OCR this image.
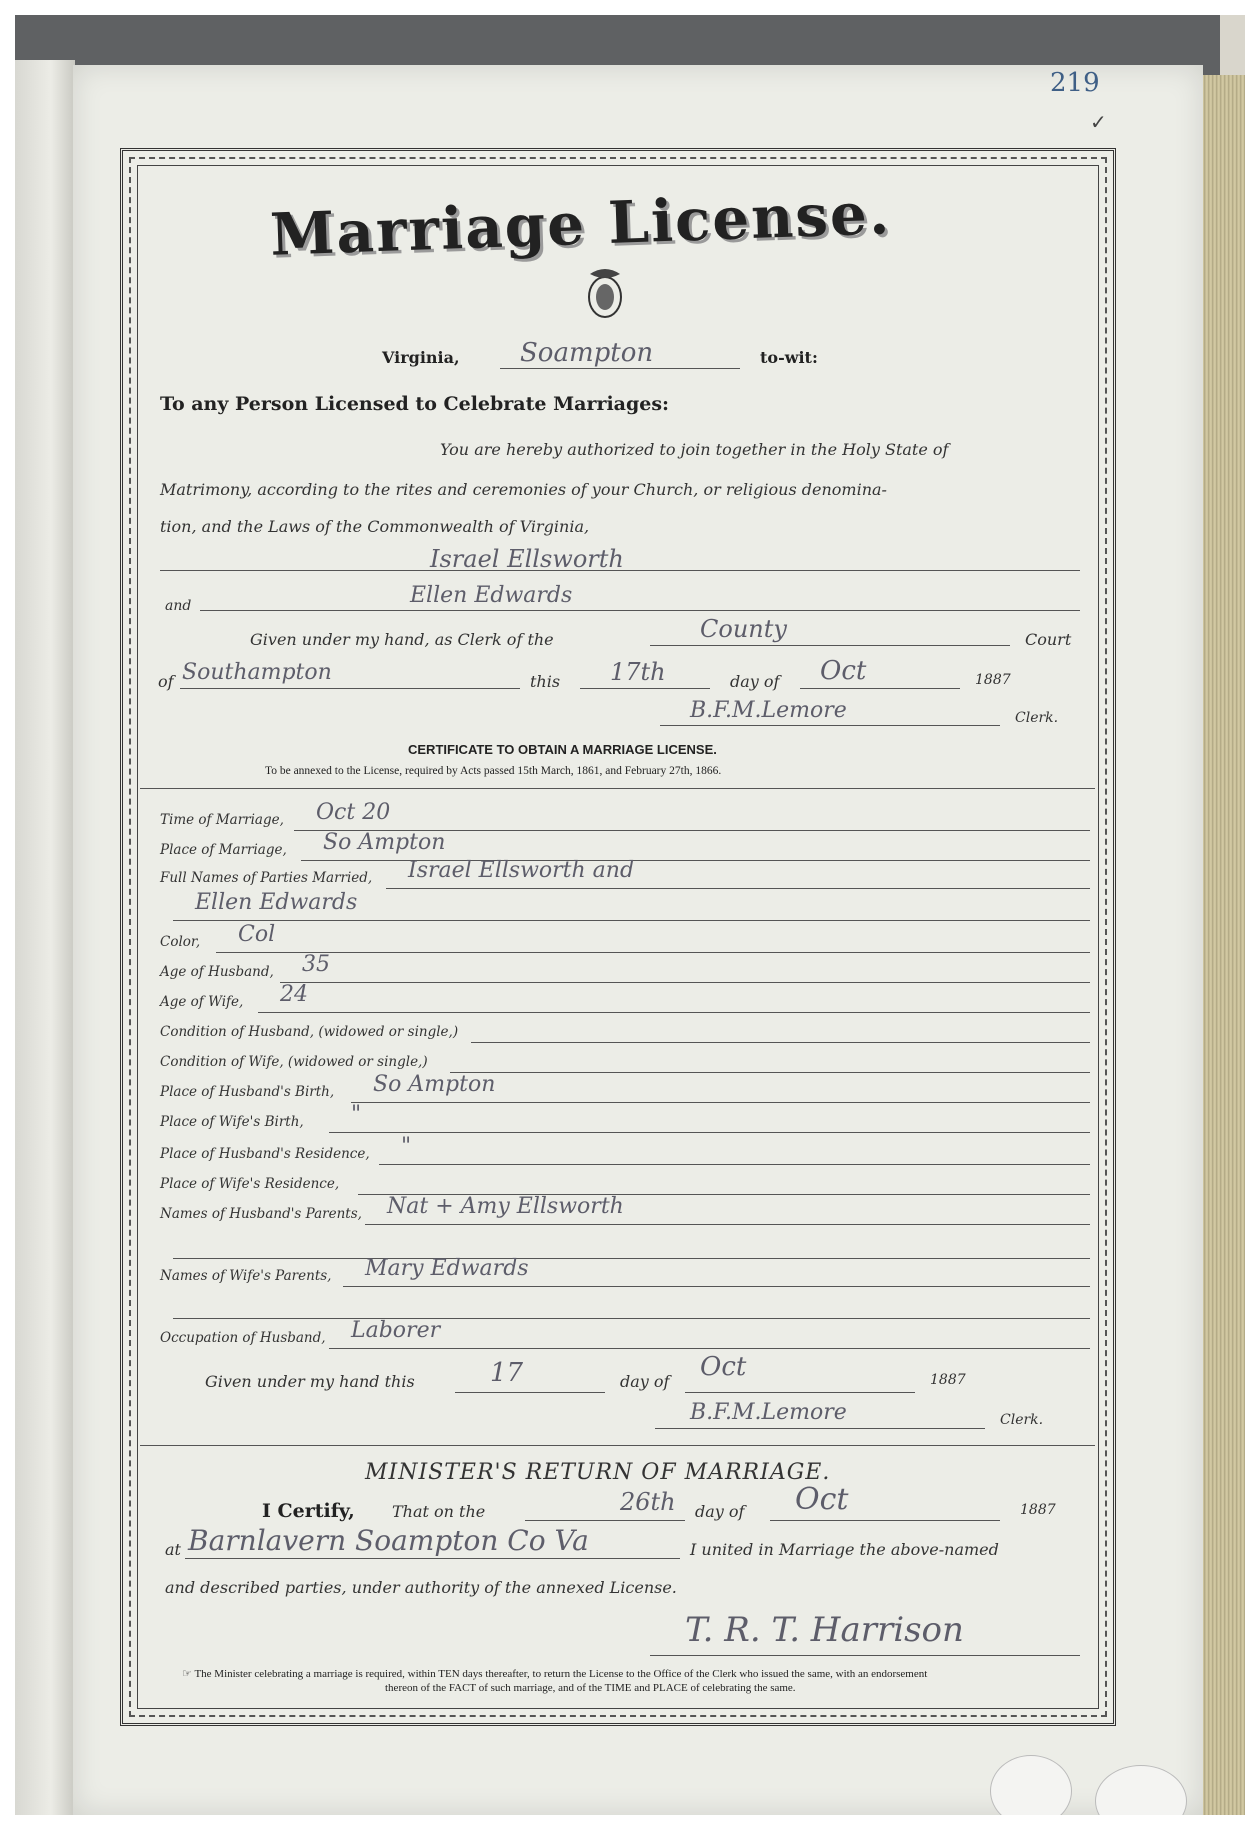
219
✓
Marriage License.
Virginia, Soampton	to-wit:
To any Person Licensed to Celebrate Marriages:
You are hereby authorized to join together in the Holy State of
Matrimony, according to the rites and ceremonies of your Church, or religious denomina-
tion, and the Laws of the Commonwealth of Virginia,
Israel Ellsworth
and	Ellen Edwards
Given under my hand, as Clerk of the	County	Court
of Southampton	this 17th	day of Oct	1887
B.F.M.Lemore	Clerk.
CERTIFICATE TO OBTAIN A MARRIAGE LICENSE.
To be annexed to the License, required by Acts passed 15th March, 1861, and February 27th, 1866.
Time of Marriage, Oct 20
Place of Marriage, So Ampton
Full Names of Parties Married, Israel Ellsworth and
Ellen Edwards
Color, Col
Age of Husband, 35
Age of Wife, 24
Condition of Husband, (widowed or single,)
Condition of Wife, (widowed or single,)
Place of Husband's Birth, So Ampton
Place of Wife's Birth, "
Place of Husband's Residence, "
Place of Wife's Residence,
Names of Husband's Parents, Nat + Amy Ellsworth
Names of Wife's Parents, Mary Edwards
Occupation of Husband, Laborer
Given under my hand this	17	day of Oct	1887
B.F.M.Lemore	Clerk.
MINISTER'S RETURN OF MARRIAGE.
I Certify, That on the	26th day of Oct	1887
at Barnlavern Soampton Co Va	I united in Marriage the above-named
and described parties, under authority of the annexed License.
T. R. T. Harrison
☞ The Minister celebrating a marriage is required, within TEN days thereafter, to return the License to the Office of the Clerk who issued the same, with an endorsement
thereon of the FACT of such marriage, and of the TIME and PLACE of celebrating the same.
